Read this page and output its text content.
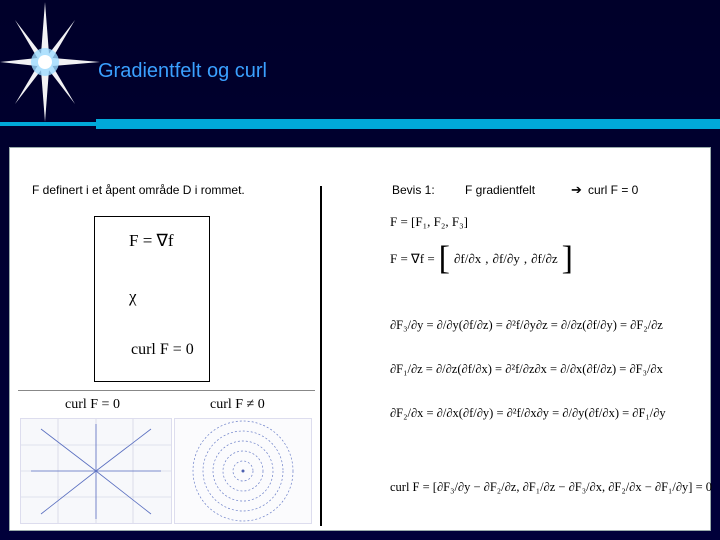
Gradientfelt og curl
F definert i et åpent område D i rommet.
F = ∇f
χ
curl F = 0
curl F = 0	curl F ≠ 0
Bevis 1:	F gradientfelt	➔ curl F = 0
F = [F₁, F₂, F₃]
F = ∇f = [ ∂f/∂x , ∂f/∂y , ∂f/∂z ]
∂F₃/∂y = ∂/∂y(∂f/∂z) = ∂²f/∂y∂z = ∂/∂z(∂f/∂y) = ∂F₂/∂z
∂F₁/∂z = ∂/∂z(∂f/∂x) = ∂²f/∂z∂x = ∂/∂x(∂f/∂z) = ∂F₃/∂x
∂F₂/∂x = ∂/∂x(∂f/∂y) = ∂²f/∂x∂y = ∂/∂y(∂f/∂x) = ∂F₁/∂y
curl F = [∂F₃/∂y − ∂F₂/∂z, ∂F₁/∂z − ∂F₃/∂x, ∂F₂/∂x − ∂F₁/∂y] = 0
